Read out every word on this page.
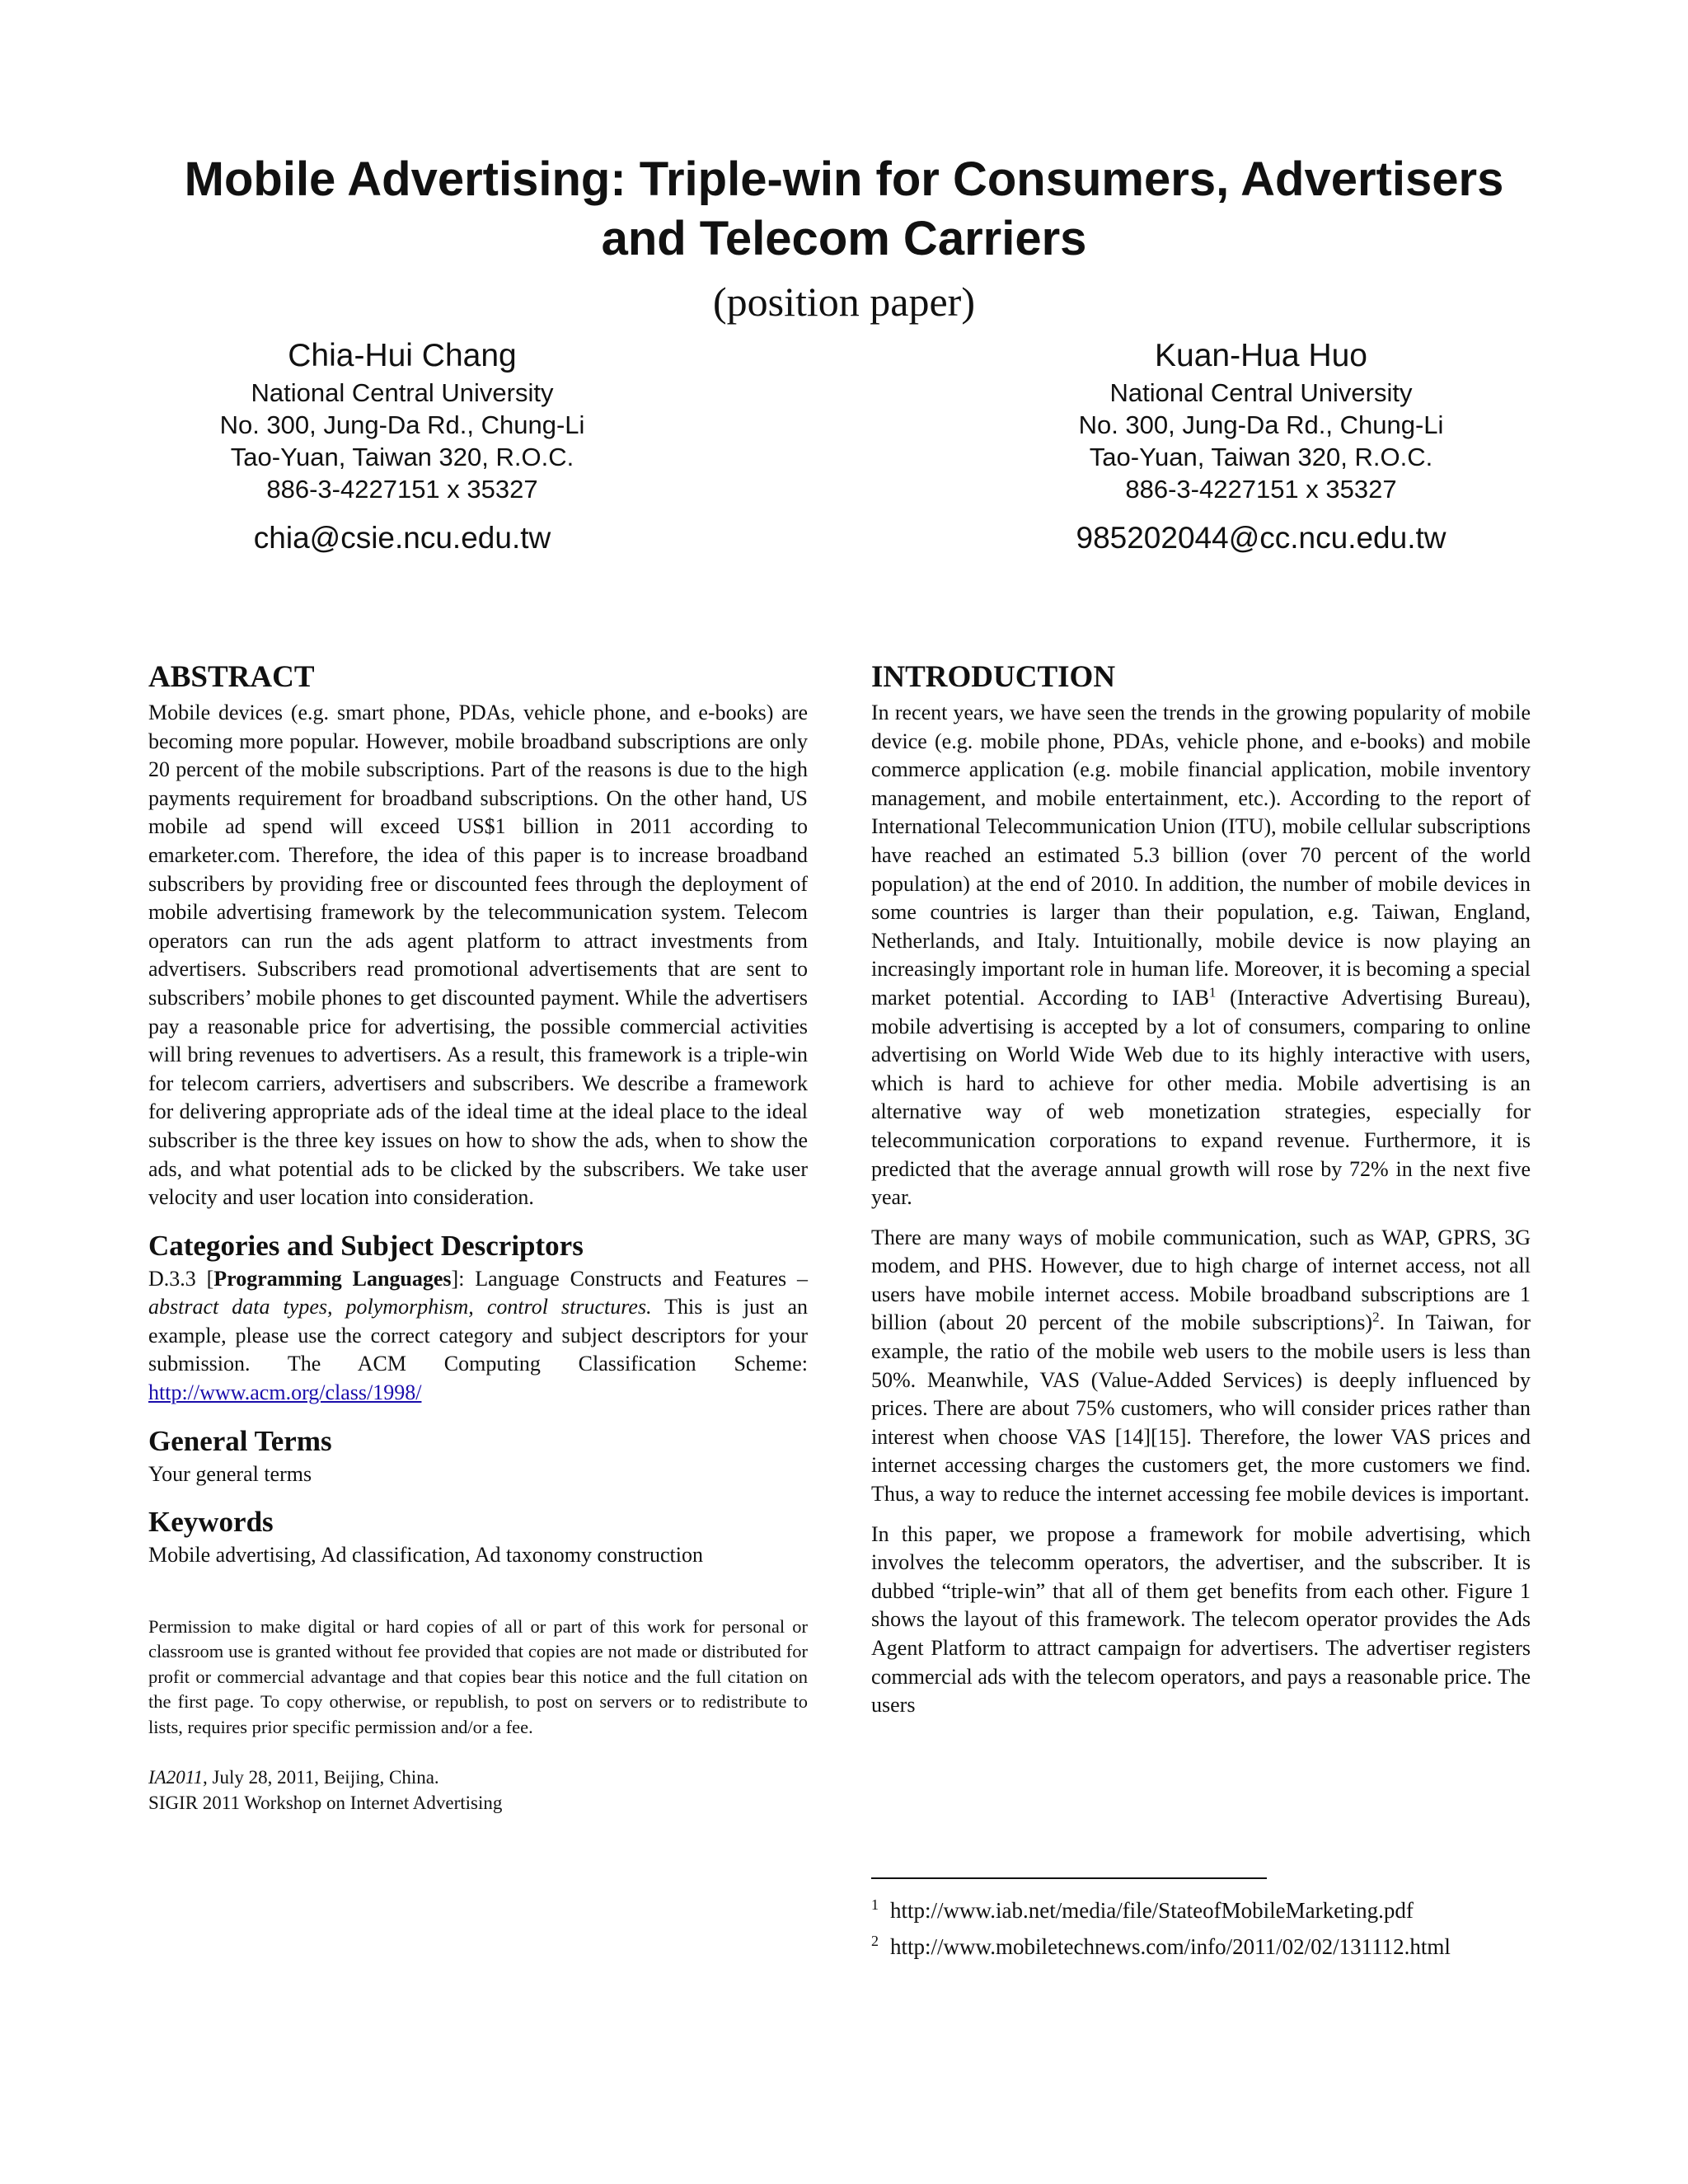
Mobile Advertising: Triple-win for Consumers, Advertisers
and Telecom Carriers
(position paper)
Chia-Hui Chang
National Central University
No. 300, Jung-Da Rd., Chung-Li
Tao-Yuan, Taiwan 320, R.O.C.
886-3-4227151 x 35327
chia@csie.ncu.edu.tw
Kuan-Hua Huo
National Central University
No. 300, Jung-Da Rd., Chung-Li
Tao-Yuan, Taiwan 320, R.O.C.
886-3-4227151 x 35327
985202044@cc.ncu.edu.tw
ABSTRACT

Mobile devices (e.g. smart phone, PDAs, vehicle phone, and e-books) are becoming more popular. However, mobile broadband subscriptions are only 20 percent of the mobile subscriptions. Part of the reasons is due to the high payments requirement for broadband subscriptions. On the other hand, US mobile ad spend will exceed US$1 billion in 2011 according to emarketer.com. Therefore, the idea of this paper is to increase broadband subscribers by providing free or discounted fees through the deployment of mobile advertising framework by the telecommunication system. Telecom operators can run the ads agent platform to attract investments from advertisers. Subscribers read promotional advertisements that are sent to subscribers’ mobile phones to get discounted payment. While the advertisers pay a reasonable price for advertising, the possible commercial activities will bring revenues to advertisers. As a result, this framework is a triple-win for telecom carriers, advertisers and subscribers. We describe a framework for delivering appropriate ads of the ideal time at the ideal place to the ideal subscriber is the three key issues on how to show the ads, when to show the ads, and what potential ads to be clicked by the subscribers. We take user velocity and user location into consideration.

Categories and Subject Descriptors

D.3.3 [Programming Languages]: Language Constructs and Features – abstract data types, polymorphism, control structures. This is just an example, please use the correct category and subject descriptors for your submission. The ACM Computing Classification Scheme: http://www.acm.org/class/1998/

General Terms

Your general terms

Keywords

Mobile advertising, Ad classification, Ad taxonomy construction

Permission to make digital or hard copies of all or part of this work for personal or classroom use is granted without fee provided that copies are not made or distributed for profit or commercial advantage and that copies bear this notice and the full citation on the first page. To copy otherwise, or republish, to post on servers or to redistribute to lists, requires prior specific permission and/or a fee.

IA2011, July 28, 2011, Beijing, China.

SIGIR 2011 Workshop on Internet Advertising

INTRODUCTION

In recent years, we have seen the trends in the growing popularity of mobile device (e.g. mobile phone, PDAs, vehicle phone, and e-books) and mobile commerce application (e.g. mobile financial application, mobile inventory management, and mobile entertainment, etc.). According to the report of International Telecommunication Union (ITU), mobile cellular subscriptions have reached an estimated 5.3 billion (over 70 percent of the world population) at the end of 2010. In addition, the number of mobile devices in some countries is larger than their population, e.g. Taiwan, England, Netherlands, and Italy. Intuitionally, mobile device is now playing an increasingly important role in human life. Moreover, it is becoming a special market potential. According to IAB$^1$ (Interactive Advertising Bureau), mobile advertising is accepted by a lot of consumers, comparing to online advertising on World Wide Web due to its highly interactive with users, which is hard to achieve for other media. Mobile advertising is an alternative way of web monetization strategies, especially for telecommunication corporations to expand revenue. Furthermore, it is predicted that the average annual growth will rose by 72% in the next five year.

There are many ways of mobile communication, such as WAP, GPRS, 3G modem, and PHS. However, due to high charge of internet access, not all users have mobile internet access. Mobile broadband subscriptions are 1 billion (about 20 percent of the mobile subscriptions)$^2$. In Taiwan, for example, the ratio of the mobile web users to the mobile users is less than 50%. Meanwhile, VAS (Value-Added Services) is deeply influenced by prices. There are about 75% customers, who will consider prices rather than interest when choose VAS [14][15]. Therefore, the lower VAS prices and internet accessing charges the customers get, the more customers we find. Thus, a way to reduce the internet accessing fee mobile devices is important.

In this paper, we propose a framework for mobile advertising, which involves the telecomm operators, the advertiser, and the subscriber. It is dubbed “triple-win” that all of them get benefits from each other. Figure 1 shows the layout of this framework. The telecom operator provides the Ads Agent Platform to attract campaign for advertisers. The advertiser registers commercial ads with the telecom operators, and pays a reasonable price. The users

$^1$ http://www.iab.net/media/file/StateofMobileMarketing.pdf
$^2$ http://www.mobiletechnews.com/info/2011/02/02/131112.html
